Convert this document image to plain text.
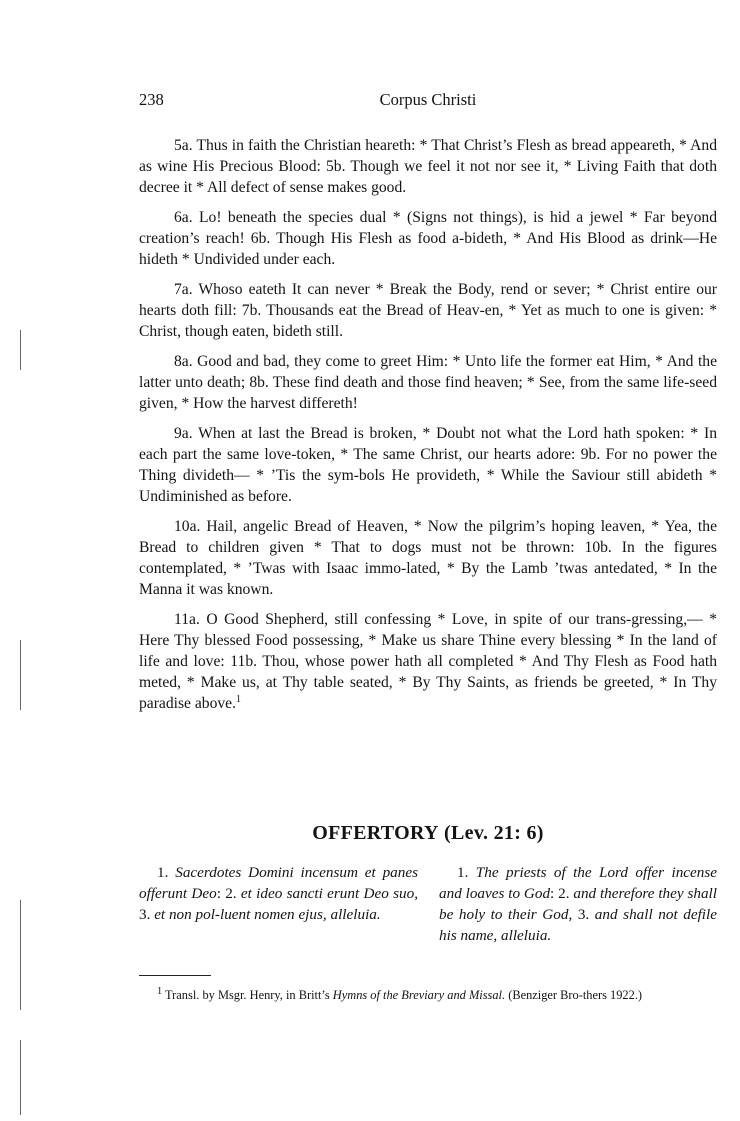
238	Corpus Christi

5a. Thus in faith the Christian heareth: * That Christ’s Flesh as bread appeareth, * And as wine His Precious Blood: 5b. Though we feel it not nor see it, * Living Faith that doth decree it * All defect of sense makes good.

6a. Lo! beneath the species dual * (Signs not things), is hid a jewel * Far beyond creation’s reach! 6b. Though His Flesh as food a-bideth, * And His Blood as drink—He hideth * Undivided under each.

7a. Whoso eateth It can never * Break the Body, rend or sever; * Christ entire our hearts doth fill: 7b. Thousands eat the Bread of Heav-en, * Yet as much to one is given: * Christ, though eaten, bideth still.

8a. Good and bad, they come to greet Him: * Unto life the former eat Him, * And the latter unto death; 8b. These find death and those find heaven; * See, from the same life-seed given, * How the harvest differeth!

9a. When at last the Bread is broken, * Doubt not what the Lord hath spoken: * In each part the same love-token, * The same Christ, our hearts adore: 9b. For no power the Thing divideth— * ’Tis the sym-bols He provideth, * While the Saviour still abideth * Undiminished as before.

10a. Hail, angelic Bread of Heaven, * Now the pilgrim’s hoping leaven, * Yea, the Bread to children given * That to dogs must not be thrown: 10b. In the figures contemplated, * ’Twas with Isaac immo-lated, * By the Lamb ’twas antedated, * In the Manna it was known.

11a. O Good Shepherd, still confessing * Love, in spite of our trans-gressing,— * Here Thy blessed Food possessing, * Make us share Thine every blessing * In the land of life and love: 11b. Thou, whose power hath all completed * And Thy Flesh as Food hath meted, * Make us, at Thy table seated, * By Thy Saints, as friends be greeted, * In Thy paradise above.$^1$

OFFERTORY (Lev. 21: 6)

1. Sacerdotes Domini incensum et panes offerunt Deo: 2. et ideo sancti erunt Deo suo, 3. et non pol-luent nomen ejus, alleluia.

1. The priests of the Lord offer incense and loaves to God: 2. and therefore they shall be holy to their God, 3. and shall not defile his name, alleluia.

$^1$ Transl. by Msgr. Henry, in Britt’s Hymns of the Breviary and Missal. (Benziger Bro-thers 1922.)
